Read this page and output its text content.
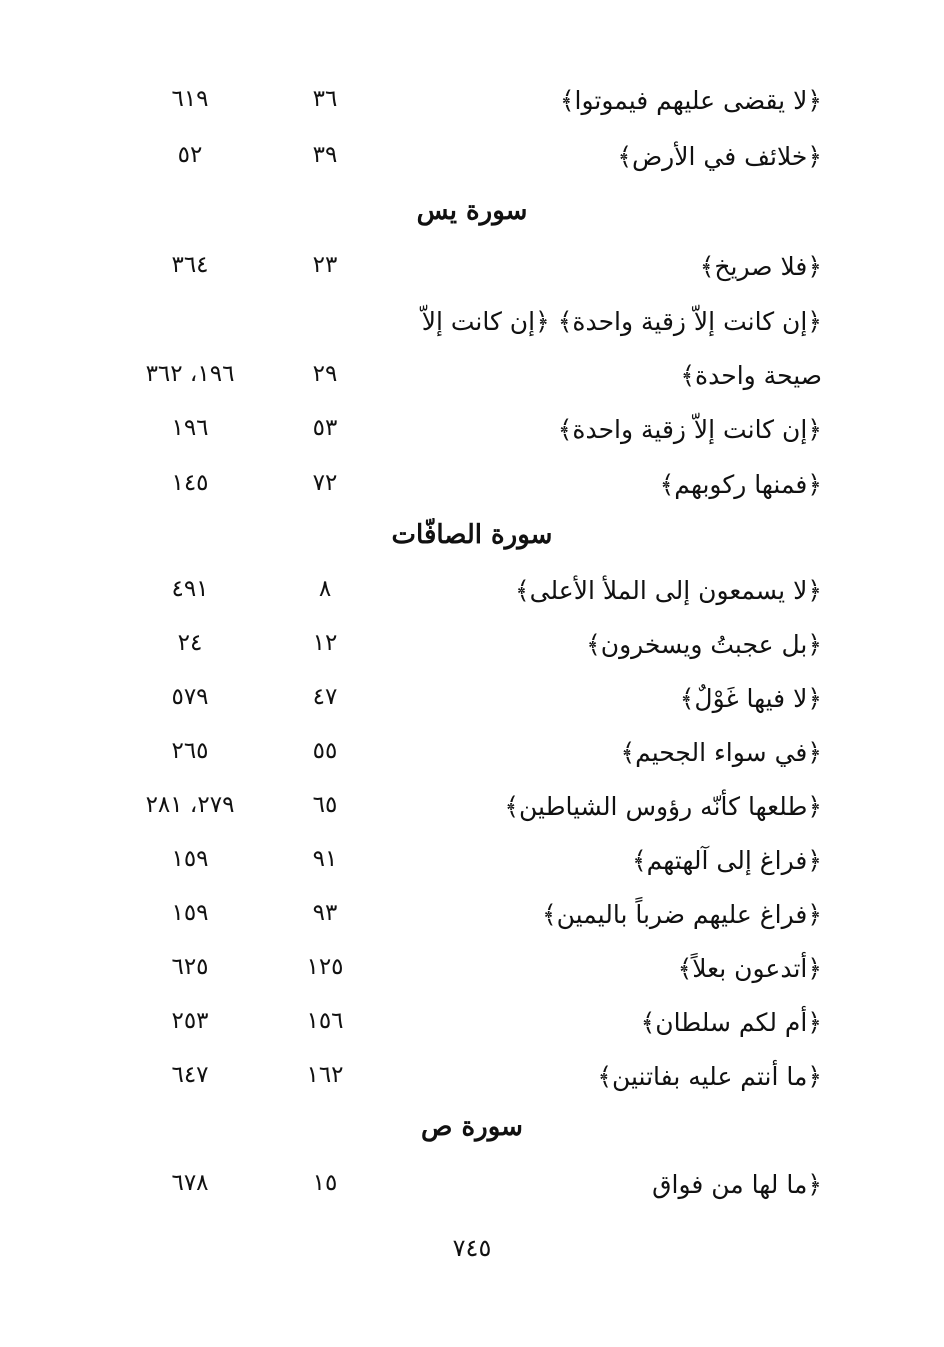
﴿لا يقضى عليهم فيموتوا﴾
٣٦
٦١٩
﴿خلائف في الأرض﴾
٣٩
٥٢
سورة يس
﴿فلا صريخ﴾
٢٣
٣٦٤
﴿إن كانت إلاّ زقية واحدة﴾ ﴿إن كانت إلاّ
صيحة واحدة﴾
٢٩
١٩٦، ٣٦٢
﴿إن كانت إلاّ زقية واحدة﴾
٥٣
١٩٦
﴿فمنها ركوبهم﴾
٧٢
١٤٥
سورة الصافّات
﴿لا يسمعون إلى الملأ الأعلى﴾
٨
٤٩١
﴿بل عجبتُ ويسخرون﴾
١٢
٢٤
﴿لا فيها غَوْلٌ﴾
٤٧
٥٧٩
﴿في سواء الجحيم﴾
٥٥
٢٦٥
﴿طلعها كأنّه رؤوس الشياطين﴾
٦٥
٢٧٩، ٢٨١
﴿فراغ إلى آلهتهم﴾
٩١
١٥٩
﴿فراغ عليهم ضرباً باليمين﴾
٩٣
١٥٩
﴿أتدعون بعلاً﴾
١٢٥
٦٢٥
﴿أم لكم سلطان﴾
١٥٦
٢٥٣
﴿ما أنتم عليه بفاتنين﴾
١٦٢
٦٤٧
سورة ص
﴿ما لها من فواق
١٥
٦٧٨
٧٤٥
